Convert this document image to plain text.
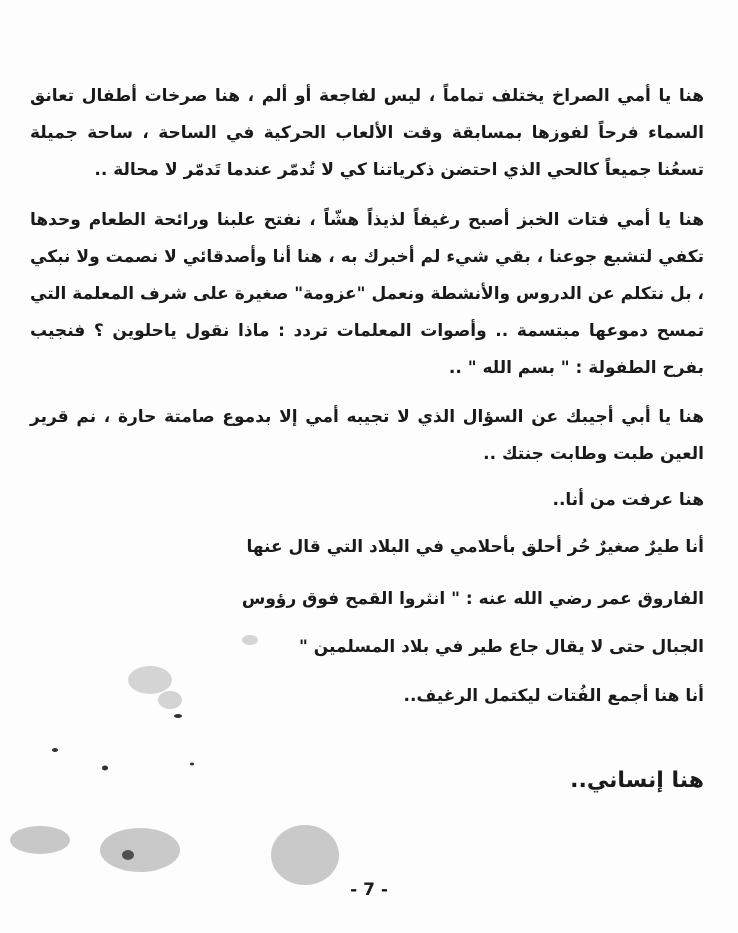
هنا يا أمي الصراخ يختلف تماماً ، ليس لفاجعة أو ألم ، هنا صرخات أطفال تعانق السماء فرحاً لفوزها بمسابقة وقت الألعاب الحركية في الساحة ، ساحة جميلة تسعُنا جميعاً كالحي الذي احتضن ذكرياتنا كي لا تُدمّر عندما تَدمّر لا محالة ..

هنا يا أمي فتات الخبز أصبح رغيفاً لذيذاً هشّاً ، نفتح علبنا ورائحة الطعام وحدها تكفي لتشبع جوعنا ، بقي شيء لم أخبرك به ، هنا أنا وأصدقائي لا نصمت ولا نبكي ، بل نتكلم عن الدروس والأنشطة ونعمل "عزومة" صغيرة على شرف المعلمة التي تمسح دموعها مبتسمة .. وأصوات المعلمات تردد : ماذا نقول ياحلوين ؟ فنجيب بفرح الطفولة : " بسم الله " ..

هنا يا أبي أجيبك عن السؤال الذي لا تجيبه أمي إلا بدموع صامتة حارة ، نم قرير العين طبت وطابت جنتك ..

هنا عرفت من أنا..
أنا طيرٌ صغيرٌ حُر أحلق بأحلامي في البلاد التي قال عنها
الفاروق عمر رضي الله عنه : " انثروا القمح فوق رؤوس
الجبال حتى لا يقال جاع طير في بلاد المسلمين "
أنا هنا أجمع الفُتات ليكتمل الرغيف..
هنا إنساني..
- 7 -
